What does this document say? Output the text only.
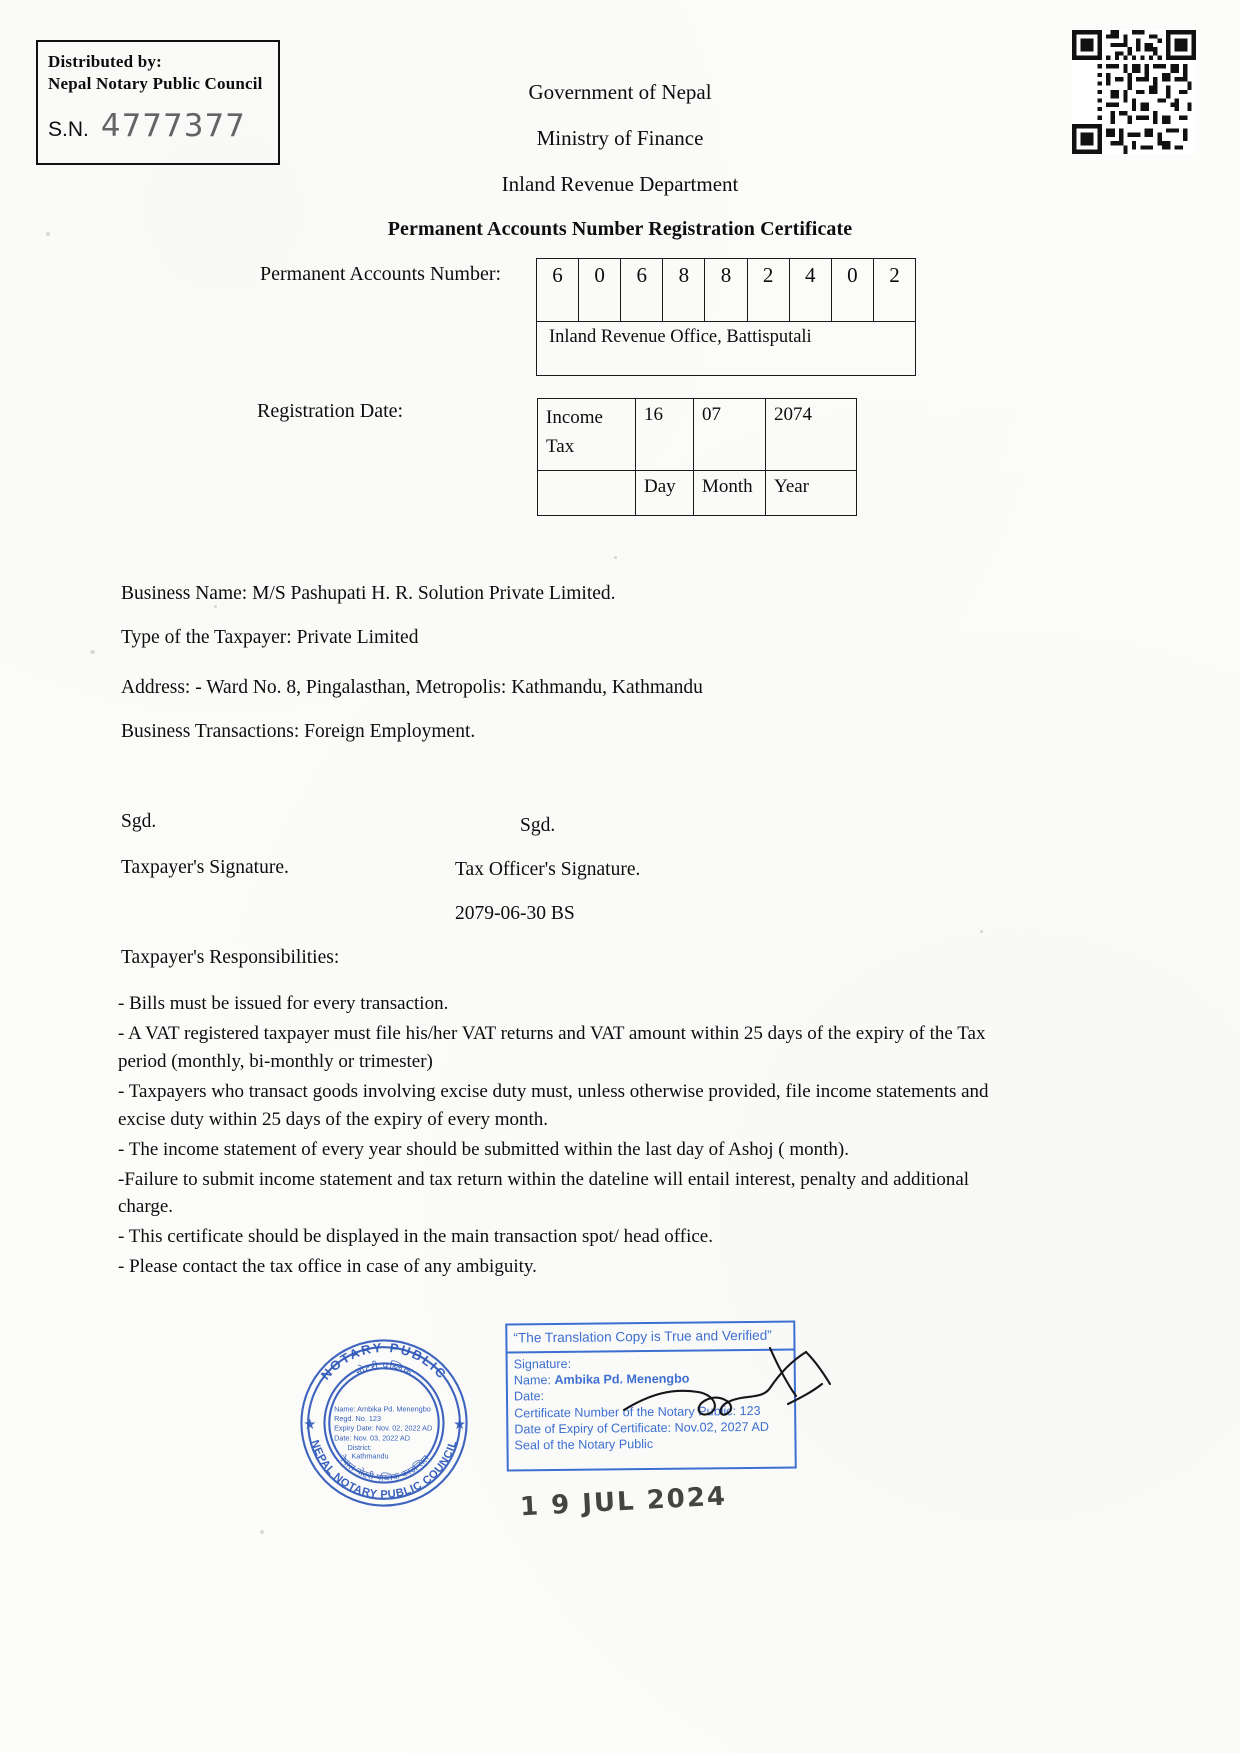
Distributed by:
Nepal Notary Public Council
S.N. 4777377
Government of Nepal
Ministry of Finance
Inland Revenue Department
Permanent Accounts Number Registration Certificate
Permanent Accounts Number: 6	0	6	8	8	2	4	0	2
Inland Revenue Office, Battisputali
Registration Date:	Income Tax	16	07	2074
	Day	Month	Year
Business Name: M/S Pashupati H. R. Solution Private Limited.
Type of the Taxpayer: Private Limited
Address: - Ward No. 8, Pingalasthan, Metropolis: Kathmandu, Kathmandu
Business Transactions: Foreign Employment.
Sgd.
Taxpayer's Signature.
Sgd.
Tax Officer's Signature.
2079-06-30 BS
Taxpayer's Responsibilities:

- Bills must be issued for every transaction.

- A VAT registered taxpayer must file his/her VAT returns and VAT amount within 25 days of the expiry of the Tax period (monthly, bi-monthly or trimester)

- Taxpayers who transact goods involving excise duty must, unless otherwise provided, file income statements and excise duty within 25 days of the expiry of every month.

- The income statement of every year should be submitted within the last day of Ashoj ( month).

-Failure to submit income statement and tax return within the dateline will entail interest, penalty and additional charge.

- This certificate should be displayed in the main transaction spot/ head office.

- Please contact the tax office in case of any ambiguity.

NOTARY PUBLIC
NEPAL NOTARY PUBLIC COUNCIL
नोटरी पब्लिक
नेपाल नोटरी पब्लिक काउन्सिल
★	★
Name: Ambika Pd. Menengbo
Regd. No. 123
Expiry Date: Nov. 02, 2022 AD
Date: Nov. 03, 2022 AD
District:
Kathmandu
“The Translation Copy is True and Verified”
Signature:
Name: Ambika Pd. Menengbo
Date:
Certificate Number of the Notary Public: 123
Date of Expiry of Certificate: Nov.02, 2027 AD
Seal of the Notary Public
1 9 JUL 2024
